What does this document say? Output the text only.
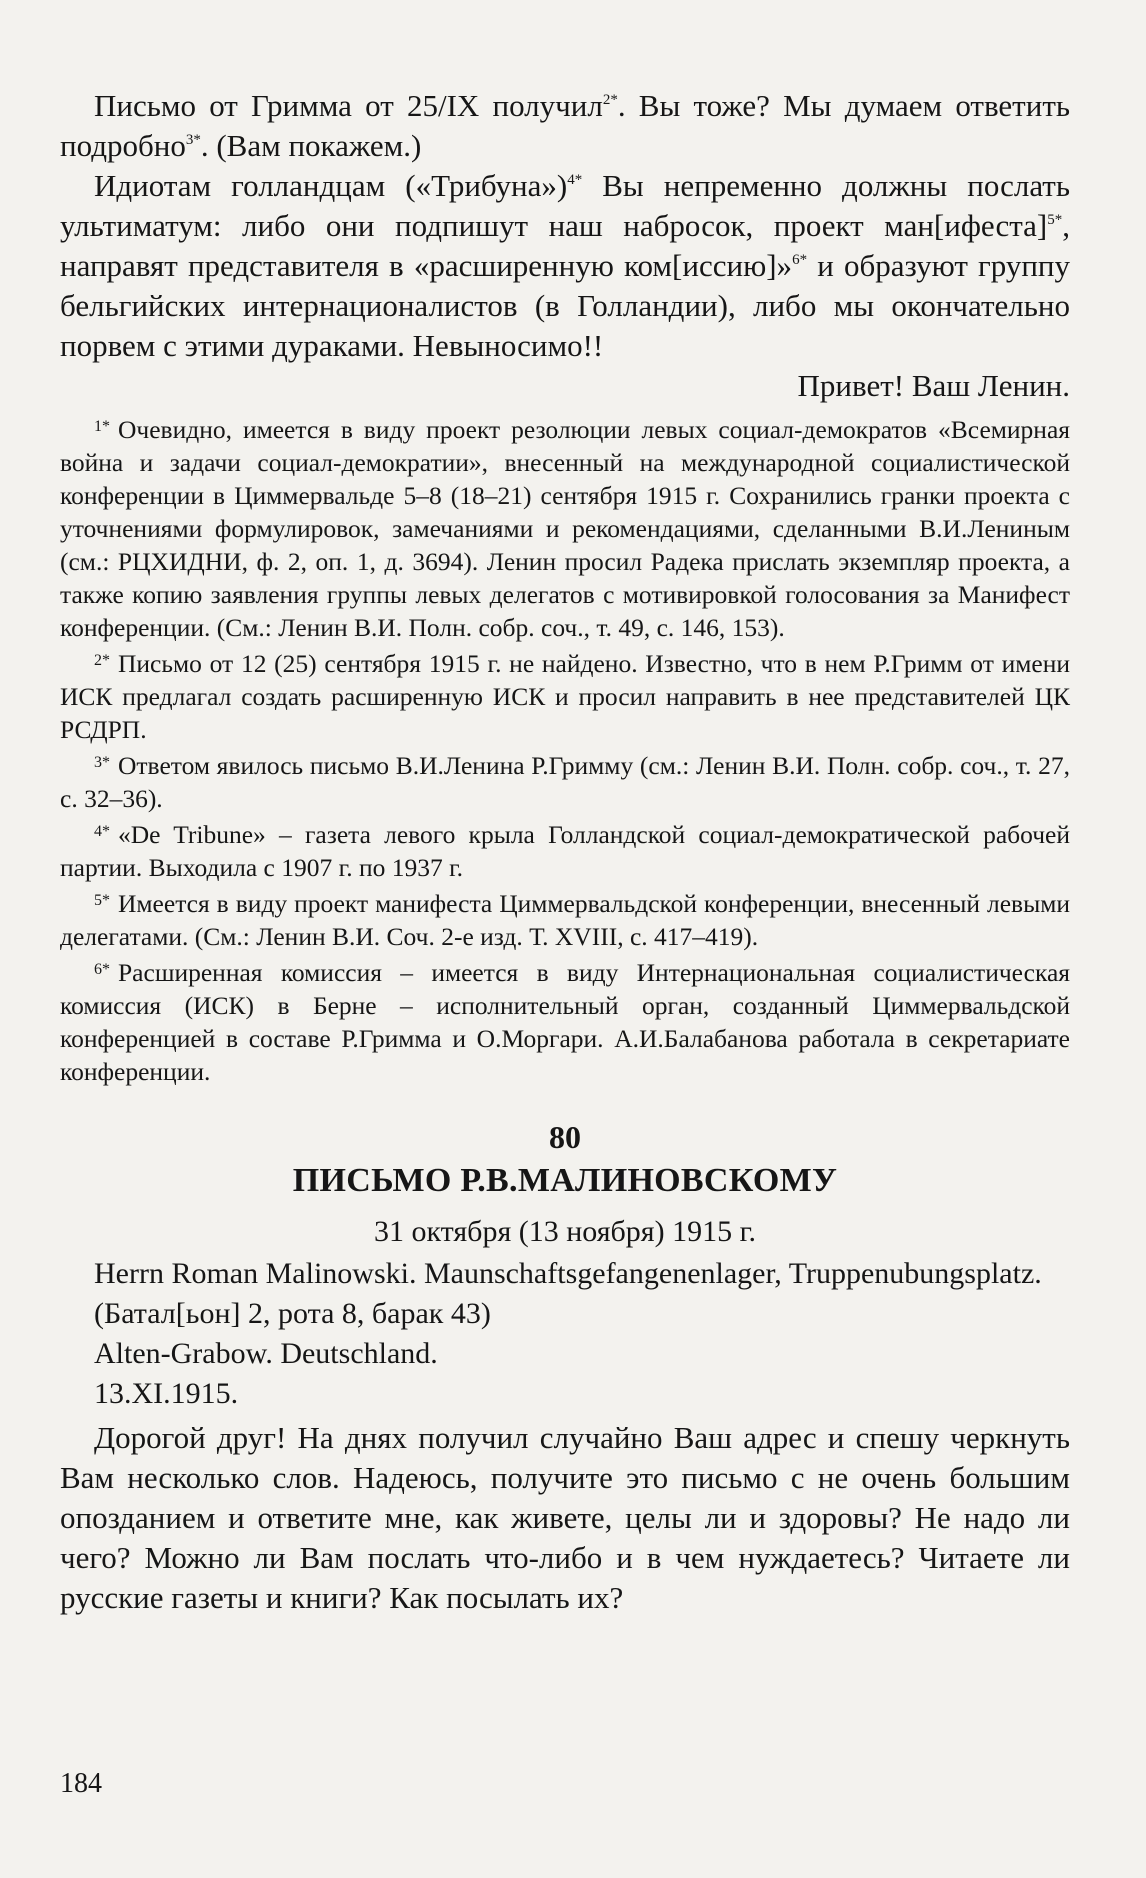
Письмо от Гримма от 25/IX получил$^{2*}$. Вы тоже? Мы думаем ответить подробно$^{3*}$. (Вам покажем.)

Идиотам голландцам («Трибуна»)$^{4*}$ Вы непременно должны послать ультиматум: либо они подпишут наш набросок, проект ман[ифеста]$^{5*}$, направят представителя в «расширенную ком[иссию]»$^{6*}$ и образуют группу бельгийских интернационалистов (в Голландии), либо мы окончательно порвем с этими дураками. Невыносимо!!

Привет! Ваш Ленин.

$^{1*}$ Очевидно, имеется в виду проект резолюции левых социал-демократов «Всемирная война и задачи социал-демократии», внесенный на международной социалистической конференции в Циммервальде 5–8 (18–21) сентября 1915 г. Сохранились гранки проекта с уточнениями формулировок, замечаниями и рекомендациями, сделанными В.И.Лениным (см.: РЦХИДНИ, ф. 2, оп. 1, д. 3694). Ленин просил Радека прислать экземпляр проекта, а также копию заявления группы левых делегатов с мотивировкой голосования за Манифест конференции. (См.: Ленин В.И. Полн. собр. соч., т. 49, с. 146, 153).

$^{2*}$ Письмо от 12 (25) сентября 1915 г. не найдено. Известно, что в нем Р.Гримм от имени ИСК предлагал создать расширенную ИСК и просил направить в нее представителей ЦК РСДРП.

$^{3*}$ Ответом явилось письмо В.И.Ленина Р.Гримму (см.: Ленин В.И. Полн. собр. соч., т. 27, с. 32–36).

$^{4*}$ «De Tribune» – газета левого крыла Голландской социал-демократической рабочей партии. Выходила с 1907 г. по 1937 г.

$^{5*}$ Имеется в виду проект манифеста Циммервальдской конференции, внесенный левыми делегатами. (См.: Ленин В.И. Соч. 2-е изд. Т. XVIII, с. 417–419).

$^{6*}$ Расширенная комиссия – имеется в виду Интернациональная социалистическая комиссия (ИСК) в Берне – исполнительный орган, созданный Циммервальдской конференцией в составе Р.Гримма и О.Моргари. А.И.Балабанова работала в секретариате конференции.

80
ПИСЬМО Р.В.МАЛИНОВСКОМУ
31 октября (13 ноября) 1915 г.

Herrn Roman Malinowski. Maunschaftsgefangenenlager, Truppenubungsplatz.

(Батал[ьон] 2, рота 8, барак 43)

Alten-Grabow. Deutschland.

13.XI.1915.

Дорогой друг! На днях получил случайно Ваш адрес и спешу черкнуть Вам несколько слов. Надеюсь, получите это письмо с не очень большим опозданием и ответите мне, как живете, целы ли и здоровы? Не надо ли чего? Можно ли Вам послать что-либо и в чем нуждаетесь? Читаете ли русские газеты и книги? Как посылать их?

184
